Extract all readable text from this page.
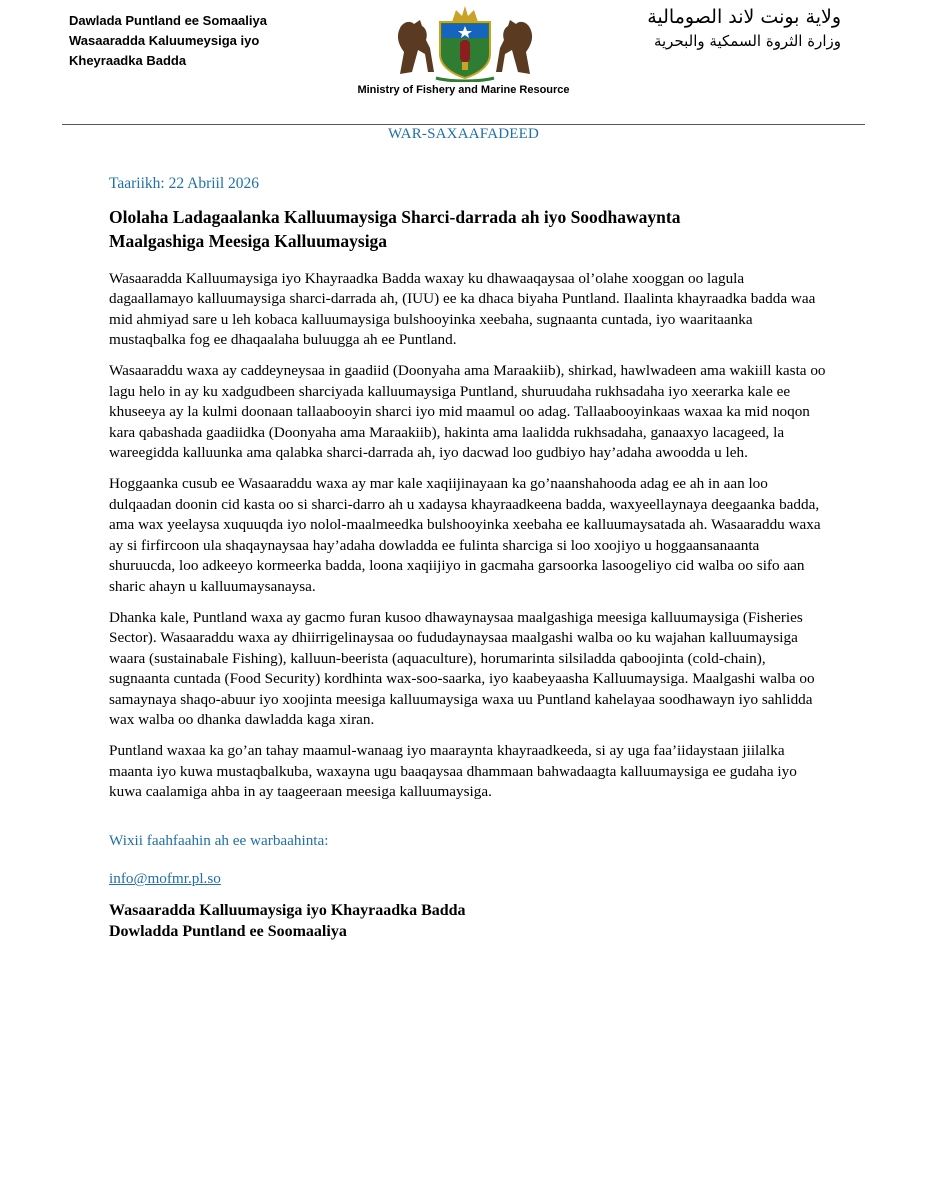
Dawlada Puntland ee Somaaliya
Wasaaradda Kaluumeysiga iyo
Kheyraadka Badda
ولاية بونت لاند الصومالية
وزارة الثروة السمكية والبحرية
Ministry of Fishery and Marine Resource
WAR-SAXAAFADEED

Taariikh: 22 Abriil 2026

Ololaha Ladagaalanka Kalluumaysiga Sharci-darrada ah iyo Soodhawaynta
Maalgashiga Meesiga Kalluumaysiga

Wasaaradda Kalluumaysiga iyo Khayraadka Badda waxay ku dhawaaqaysaa ol’olahe xooggan oo lagula dagaallamayo kalluumaysiga sharci-darrada ah, (IUU) ee ka dhaca biyaha Puntland. Ilaalinta khayraadka badda waa mid ahmiyad sare u leh kobaca kalluumaysiga bulshooyinka xeebaha, sugnaanta cuntada, iyo waaritaanka mustaqbalka fog ee dhaqaalaha buluugga ah ee Puntland.

Wasaaraddu waxa ay caddeyneysaa in gaadiid (Doonyaha ama Maraakiib), shirkad, hawlwadeen ama wakiill kasta oo lagu helo in ay ku xadgudbeen sharciyada kalluumaysiga Puntland, shuruudaha rukhsadaha iyo xeerarka kale ee khuseeya ay la kulmi doonaan tallaabooyin sharci iyo mid maamul oo adag. Tallaabooyinkaas waxaa ka mid noqon kara qabashada gaadiidka (Doonyaha ama Maraakiib), hakinta ama laalidda rukhsadaha, ganaaxyo lacageed, la wareegidda kalluunka ama qalabka sharci-darrada ah, iyo dacwad loo gudbiyo hay’adaha awoodda u leh.

Hoggaanka cusub ee Wasaaraddu waxa ay mar kale xaqiijinayaan ka go’naanshahooda adag ee ah in aan loo dulqaadan doonin cid kasta oo si sharci-darro ah u xadaysa khayraadkeena badda, waxyeellaynaya deegaanka badda, ama wax yeelaysa xuquuqda iyo nolol-maalmeedka bulshooyinka xeebaha ee kalluumaysatada ah. Wasaaraddu waxa ay si firfircoon ula shaqaynaysaa hay’adaha dowladda ee fulinta sharciga si loo xoojiyo u hoggaansanaanta shuruucda, loo adkeeyo kormeerka badda, loona xaqiijiyo in gacmaha garsoorka lasoogeliyo cid walba oo sifo aan sharic ahayn u kalluumaysanaysa.

Dhanka kale, Puntland waxa ay gacmo furan kusoo dhawaynaysaa maalgashiga meesiga kalluumaysiga (Fisheries Sector). Wasaaraddu waxa ay dhiirrigelinaysaa oo fududaynaysaa maalgashi walba oo ku wajahan kalluumaysiga waara (sustainabale Fishing), kalluun-beerista (aquaculture), horumarinta silsiladda qaboojinta (cold-chain), sugnaanta cuntada (Food Security) kordhinta wax-soo-saarka, iyo kaabeyaasha Kalluumaysiga. Maalgashi walba oo samaynaya shaqo-abuur iyo xoojinta meesiga kalluumaysiga waxa uu Puntland kahelayaa soodhawayn iyo sahlidda wax walba oo dhanka dawladda kaga xiran.

Puntland waxaa ka go’an tahay maamul-wanaag iyo maaraynta khayraadkeeda, si ay uga faa’iidaystaan jiilalka maanta iyo kuwa mustaqbalkuba, waxayna ugu baaqaysaa dhammaan bahwadaagta kalluumaysiga ee gudaha iyo kuwa caalamiga ahba in ay taageeraan meesiga kalluumaysiga.

Wixii faahfaahin ah ee warbaahinta:

info@mofmr.pl.so

Wasaaradda Kalluumaysiga iyo Khayraadka Badda

Dowladda Puntland ee Soomaaliya
